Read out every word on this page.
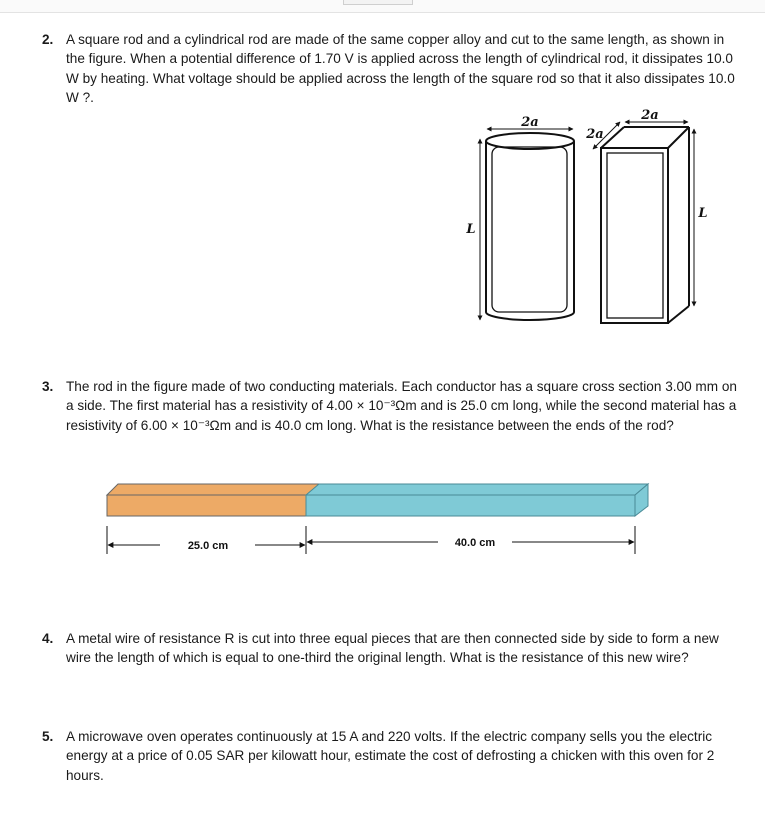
2. A square rod and a cylindrical rod are made of the same copper alloy and cut to the same length, as shown in the figure. When a potential difference of 1.70 V is applied across the length of cylindrical rod, it dissipates 10.0 W by heating. What voltage should be applied across the length of the square rod so that it also dissipates 10.0 W ?.
2a
L
2a
2a
L
3. The rod in the figure made of two conducting materials. Each conductor has a square cross section 3.00 mm on a side. The first material has a resistivity of 4.00 × 10⁻³Ωm and is 25.0 cm long, while the second material has a resistivity of 6.00 × 10⁻³Ωm and is 40.0 cm long. What is the resistance between the ends of the rod?
25.0 cm	40.0 cm
4. A metal wire of resistance R is cut into three equal pieces that are then connected side by side to form a new wire the length of which is equal to one-third the original length. What is the resistance of this new wire?
5. A microwave oven operates continuously at 15 A and 220 volts. If the electric company sells you the electric energy at a price of 0.05 SAR per kilowatt hour, estimate the cost of defrosting a chicken with this oven for 2 hours.
